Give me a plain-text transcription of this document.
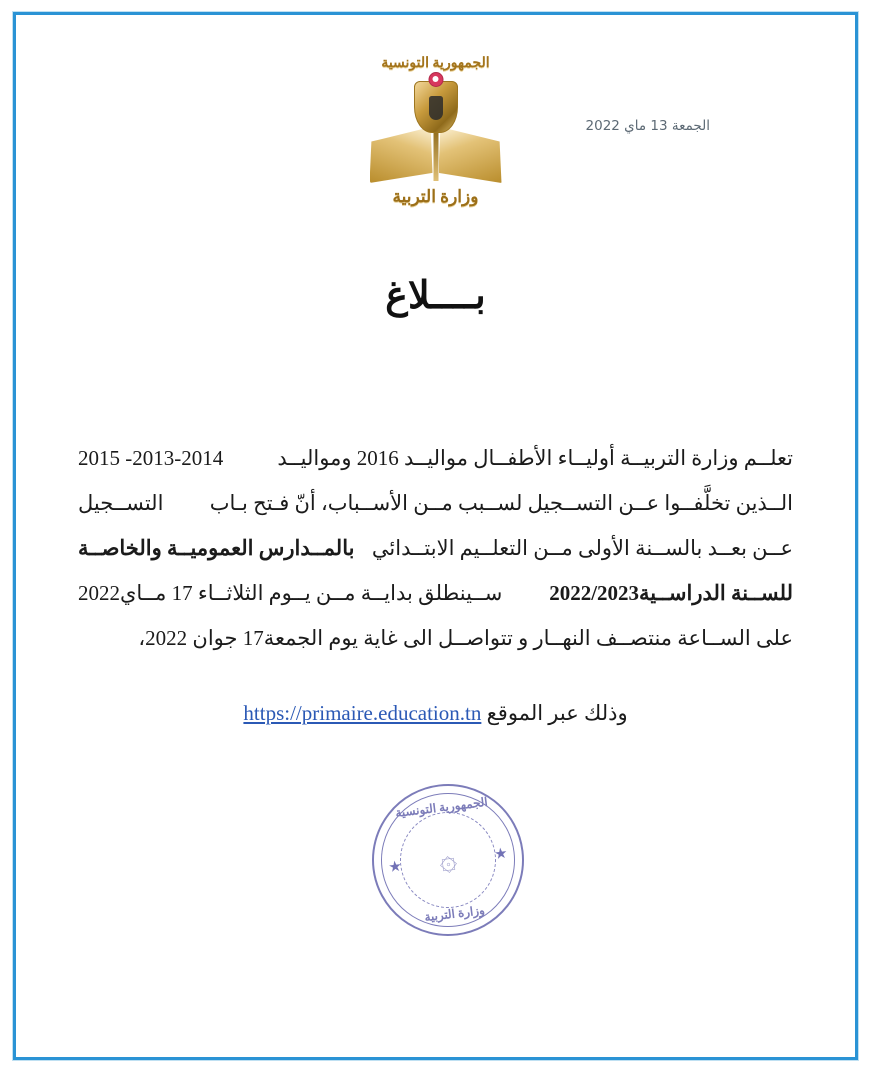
الجمعة 13 ماي 2022
الجمهورية التونسية
وزارة التربية
بــــلاغ
تعلــم وزارة التربيــة أوليــاء الأطفــال مواليــد 2016 ومواليــد
2013-2014- 2015
الــذين تخلَّفــوا عــن التســجيل لســبب مــن الأســباب، أنّ فـتح بـاب
التســجيل
عــن بعــد بالســنة الأولى مــن التعلــيم الابتــدائي
بالمــدارس العموميــة والخاصــة
للســنة الدراســية2022/2023
ســينطلق بدايــة مــن يــوم الثلاثــاء 17 مــاي2022
على الســاعة منتصــف النهــار و تتواصــل الى غاية يوم الجمعة17 جوان 2022،
وذلك عبر الموقع https://primaire.education.tn
الجمهورية التونسية
۞
★
★
وزارة التربية
